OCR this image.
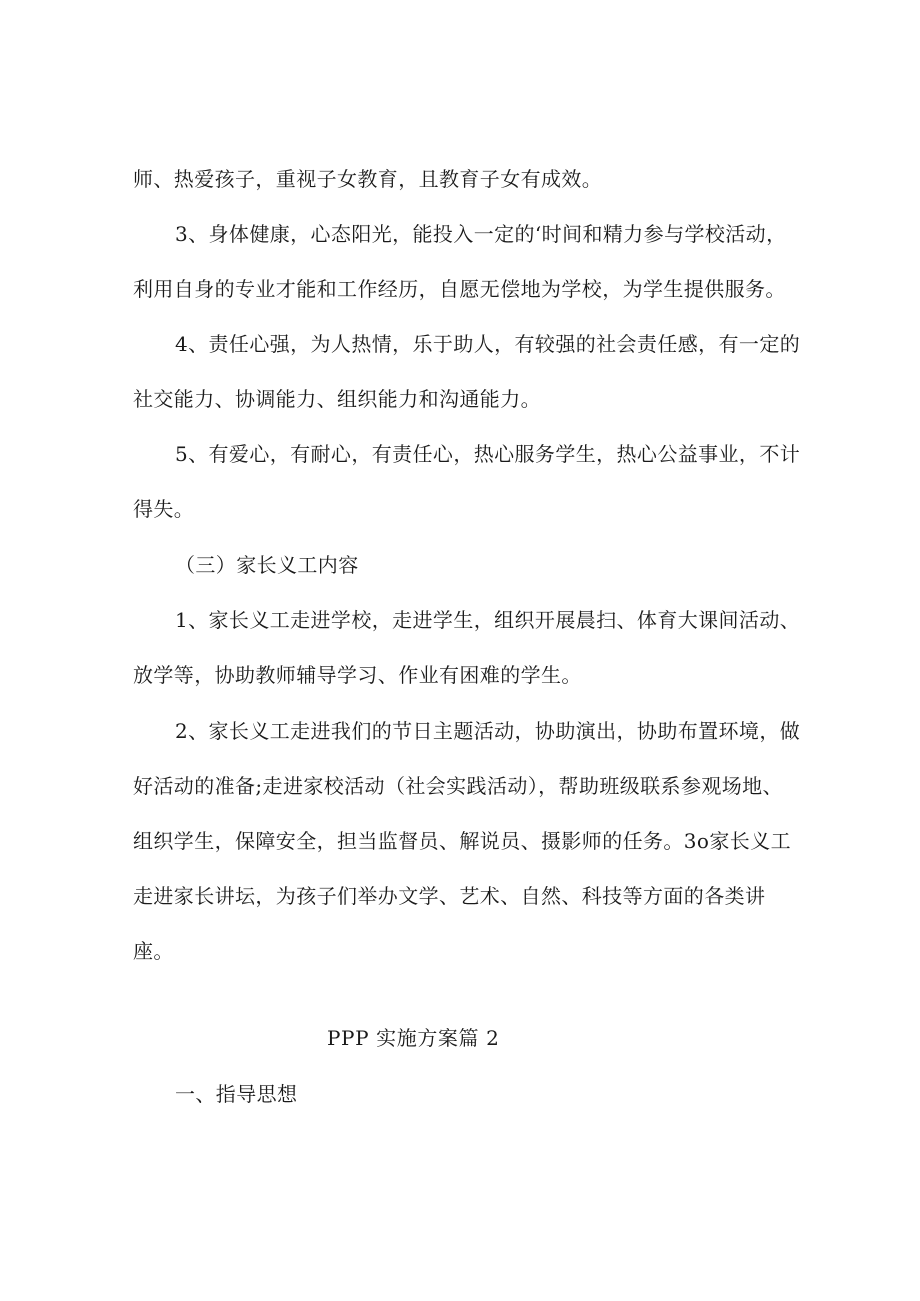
师、热爱孩子，重视子女教育，且教育子女有成效。
3、身体健康，心态阳光，能投入一定的‘时间和精力参与学校活动，
利用自身的专业才能和工作经历，自愿无偿地为学校，为学生提供服务。
4、责任心强，为人热情，乐于助人，有较强的社会责任感，有一定的
社交能力、协调能力、组织能力和沟通能力。
5、有爱心，有耐心，有责任心，热心服务学生，热心公益事业，不计
得失。
（三）家长义工内容
1、家长义工走进学校，走进学生，组织开展晨扫、体育大课间活动、
放学等，协助教师辅导学习、作业有困难的学生。
2、家长义工走进我们的节日主题活动，协助演出，协助布置环境，做
好活动的准备;走进家校活动（社会实践活动），帮助班级联系参观场地、
组织学生，保障安全，担当监督员、解说员、摄影师的任务。3o家长义工
走进家长讲坛，为孩子们举办文学、艺术、自然、科技等方面的各类讲
座。
PPP 实施方案篇 2
一、指导思想
